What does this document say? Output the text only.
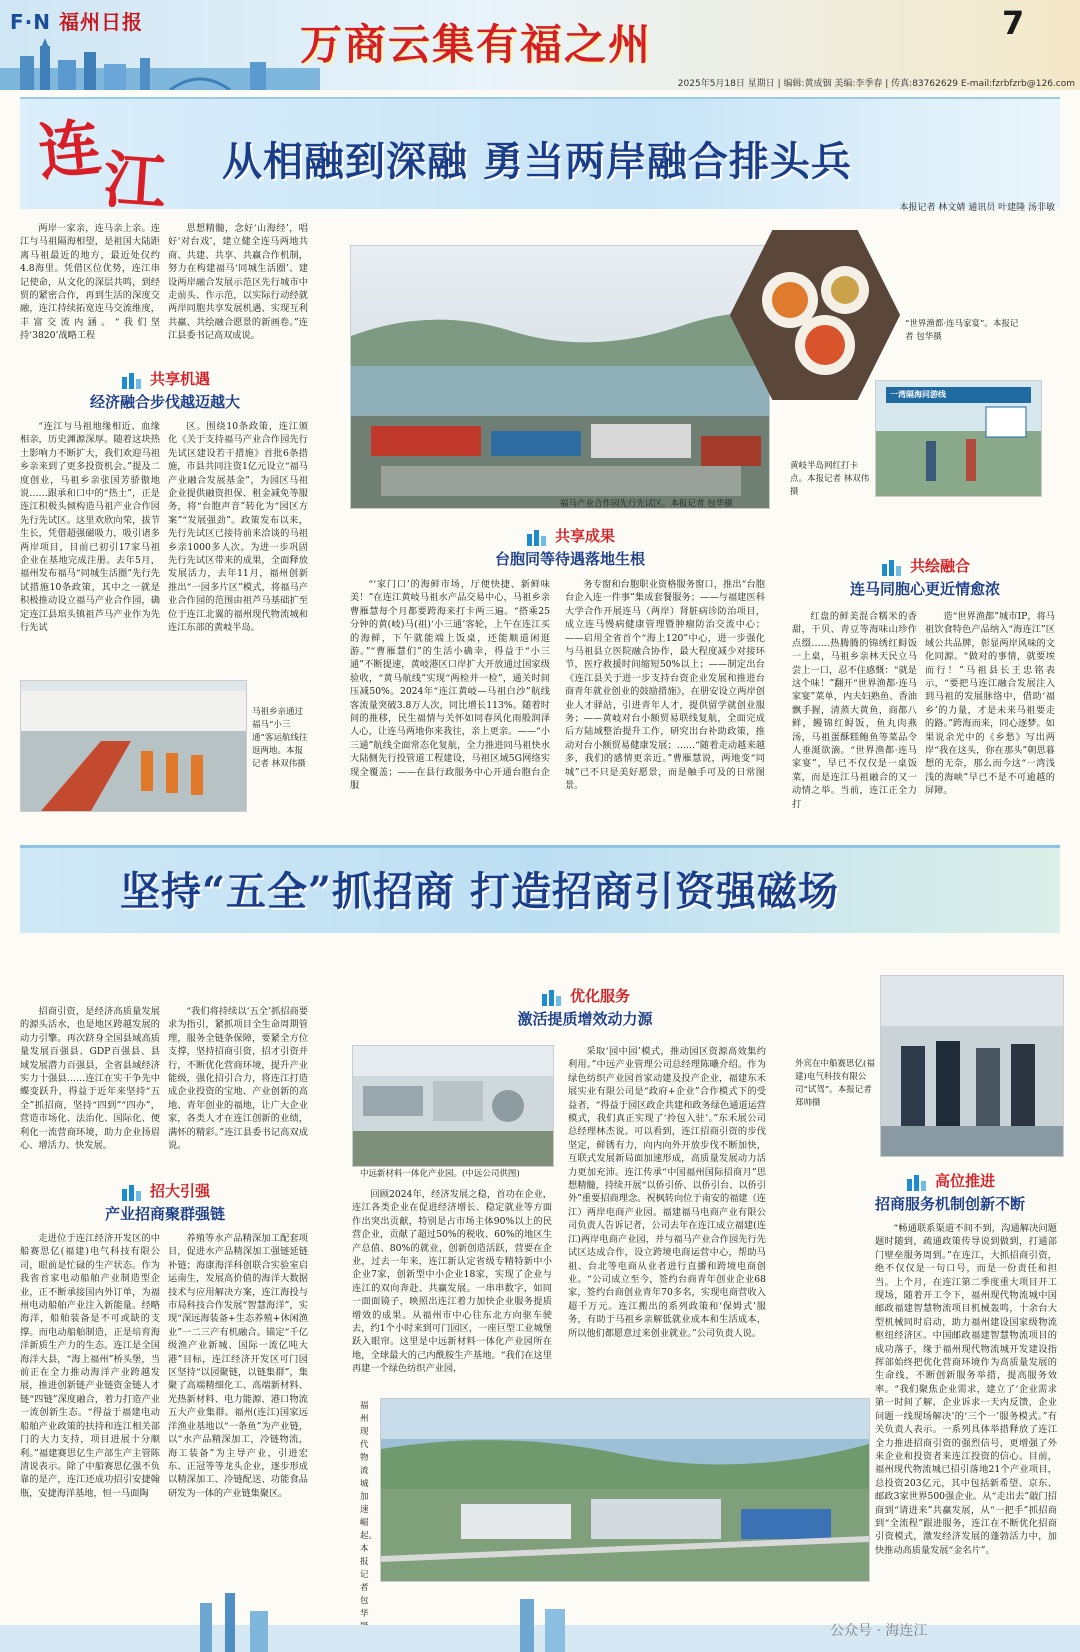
F·N 福州日报	万商云集有福之州	7
2025年5月18日 星期日 | 编辑:黄成铟 美编:李季春 | 传真:83762629 E-mail:fzrbfzrb@126.com
连
江 从相融到深融 勇当两岸融合排头兵
本报记者 林文婧 通讯员 叶建隆 汤非敏

两岸一家亲，连马亲上亲。连江与马祖隔海相望，是祖国大陆距离马祖最近的地方，最近处仅约4.8海里。凭借区位优势，连江串记使命，从文化的深层共鸣，到经贸的紧密合作，再到生活的深度交融，连江持续拓宽连马交流维度，丰富交流内涵。“我们坚持‘3820’战略工程

思想精髓，念好‘山海经’，唱好‘对台戏’，建立健全连马两地共商、共建、共享、共赢合作机制，努力在构建福马‘同城生活圈’、建设两岸融合发展示范区先行城市中走前头、作示范，以实际行动经就两岸同胞共享发展机遇、实现互利共赢、共绘融合愿景的新画卷。”连江县委书记高双成说。

共享机遇
经济融合步伐越迈越大

“连江与马祖地缘相近、血缘相亲，历史渊源深厚。随着这块热土影响力不断扩大，我们欢迎马祖乡亲来到了更多投资机会。”提及二度创业，马祖乡亲张国芳骄傲地说……跟承和口中的“热土”，正是连江积极头倾构造马祖产业合作园先行先试区。这里欢欣向荣，拔节生长，凭借超强磁吸力，吸引诸多两岸项目，目前已初引17家马祖企业在基地完成注册。去年5月，福州发布福马“同城生活圈”先行先试措施10条政策，其中之一就是积极推动设立福马产业合作园，确定连江县琯头镇祖芦马产业作为先行先试

区。围绕10条政策，连江颁化《关于支持福马产业合作园先行先试区建设若干措施》首批6条措施，市县共同注资1亿元设立“福马产业融合发展基金”，为园区马祖企业提供融资担保、租金减免等服务，将“台胞声音”转化为“园区方案”“发展强劲”。政策发布以来，先行先试区已接待前来洽谈的马祖乡亲1000多人次。为进一步巩固先行先试区带来的成果，全面释放发展活力，去年11月，福州创新推出“一园多片区”模式，将福马产业合作园的范围由祖芦马基础扩至位于连江北翼的福州现代物流城和连江东部的黄岐半岛。

福马产业合作园先行先试区。本报记者 包华摄
“世界渔都·连马家宴”。本报记者 包华摄
一湾隔海同游线
黄岐半岛网红打卡点。本报记者 林双伟摄
马祖乡亲通过福马“小三通”客运航线往返两地。本报记者 林双伟摄
共享成果
台胞同等待遇落地生根

“‘家门口’的海鲜市场，厅便快捷、新鲜味美！”在连江黄岐马祖水产品交易中心，马祖乡亲曹雁慧每个月都要跨海来打卡两三遍。“搭乘25分钟的黄(岐)马(祖)‘小三通’客轮，上午在连江买的海鲜，下午就能端上饭桌，还能顺道闲逛游。”“曹雁慧们”的生活小确幸，得益于“小三通”不断提速，黄岐港区口岸扩大开放通过国家级验收，“黄马航线”实现“两检并一检”，通关时间压减50%。2024年“连江黄岐—马祖白沙”航线客流量突破3.8万人次，同比增长113%。随着时间的推移，民生福情与关怀如同春风化雨般润泽人心，让连马两地你来我往，亲上更亲。——“小三通”航线全面常态化复航，全力推进同马祖快水大陆侧先行投管道工程建设，马祖区域5G网络实现全覆盖；——在县行政服务中心开通台胞台企服

务专窗和台胞职业资格服务窗口，推出“台胞台企入连一件事”集成套餐服务；——与福建医科大学合作开展连马（两岸）肾脏病诊防治项目，成立连马慢病健康管理暨肿瘤防治交流中心；——启用全省首个“海上120”中心，进一步强化与马祖县立医院融合协作，最大程度减少对接环节，医疗救援时间缩短50%以上；——制定出台《连江县关于进一步支持台资企业发展和推进台商青年就业创业的鼓励措施》，在册安设立两岸创业人才驿站，引进青年人才，提供留学就创业服务；——黄岐对台小额贸易联线复航，全面完成后方陆域整治提升工作，研究出台补助政策，推动对台小额贸易健康发展；……“随着走动越来越多，我们的感情更亲近。”曹雁慧说，两地变“同城”已不只是美好愿景，而是触手可及的日常图景。

共绘融合
连马同胞心更近情愈浓

红盘的鲜美混合糯米的香甜，干贝、青豆等海味山珍作点缀……热腾腾的锦绣红鲟饭一上桌，马祖乡亲林天民立马尝上一口，忍不住感慨：“就是这个味！”翻开“世界渔都·连马家宴”菜单，内夫妇熟鱼、香油飘手握，清蒸大黄鱼，商都八鲜，鳗锦红鲟饭，鱼丸肉燕汤，马祖蛋酥糕鲍鱼等菜品令人垂涎欲滴。“世界渔都·连马家宴”，早已不仅仅是一桌饭菜，而是连江马祖融合的又一动情之举。当前，连江正全力打

造“世界渔都”城市IP，将马祖饮食特色产品纳入“海连江”区域公共品牌，彰显两岸风味的文化同源。“做对的事情，就要埃而行！”马祖县长王忠铭表示，“要把马连江融合发展注入到马祖的发展脉络中，借助‘福乡’的力量，才是未来马祖要走的路。”跨海而来，同心逐梦。如果说余光中的《乡愁》写出两岸“我在这头，你在那头”朝思暮想的无奈，那么而今这“一湾浅浅的海峡”早已不是不可逾越的屏障。

坚持“五全”抓招商 打造招商引资强磁场

招商引资，是经济高质量发展的源头活水，也是地区跨越发展的动力引擎。再次跻身全国县域高质量发展百强县、GDP百强县、县域发展潜力百强县，全省县域经济实力十强县……连江在实干争先中蝶变跃升，得益于近年来坚持“五全”抓招商，坚持“四到”“四办”，营造市场化、法治化、国际化、便利化一流营商环境，助力企业扬眉心、增活力、快发展。

“我们将持续以‘五全’抓招商要求为指引，紧抓项目全生命周期管理，服务全链条保障，要紧全方位支撑，坚持招商引资，招才引资并行，不断优化营商环境，提升产业能级，强化招引合力，将连江打造成企业投资的宝地、产业创新的高地、青年创业的福地，让广大企业家，各类人才在连江创新的业绩，满怀的精彩。”连江县委书记高双成说。

优化服务
激活提质增效动力源
中远新材料一体化产业园。(中远公司供图)

回顾2024年，经济发展之稳，首功在企业，连江各类企业在促进经济增长、稳定就业等方面作出突出贡献，特别是占市场主体90%以上的民营企业，贡献了超过50%的税收、60%的地区生产总值、80%的就业，创新创造活跃，营要在企业，过去一年来，连江新认定省级专精特新中小企业7家，创新型中小企业18家，实现了企业与连江的双向奔赴、共赢发展。一串串数字，如同一面面镜子，映照出连江着力加快企业服务提质增效的成果。从福州市中心往东北方向驱车驶去，约1个小时来到可门园区，一座巨型工业城堡跃入眼帘。这里是中远新材料一体化产业园所在地，全球最大的己内酰胺生产基地。“我们在这里再建一个绿色纺织产业园，

采取‘园中园’模式，推动园区资源高效集约利用。”中远产业管理公司总经理陈曦介绍。作为绿色纺织产业园首家动建及投产企业，福建东禾展实业有限公司是“政府+企业”合作模式下的受益者，“得益于园区政企共建和政务绿色通道运营模式，我们真正实现了‘拎包入驻’。”东禾展公司总经理林杰说。可以看到，连江招商引资的步伐坚定，鲜锈有力，向内向外开放步伐不断加快，互联式发展新局面加速形成，高质量发展动力活力更加充沛。连江传承“中国福州国际招商月”思想精髓，持续开展“以侨引侨、以侨引台、以侨引外”重要招商理念。祝枫转向位于南安的福建（连江）两岸电商产业园。福建福马电商产业有限公司负责人告诉记者，公司去年在连江成立福建(连江)两岸电商产业园，并与福马产业合作园先行先试区达成合作，设立跨境电商运营中心，帮助马祖、台北等电商从业者进行直播和跨境电商创业。“公司成立至今，签约台商青年创业企业68家，签约台商创业青年70多名，实现电商营收入超千万元。连江搬出的系列政策和‘保姆式’服务，有助于马祖乡亲解低就业成本和生活成本，所以他们都愿意过来创业就业。”公司负责人说。

外宾在中船赛思亿(福建)电气科技有限公司“试驾”。本报记者 郑帅摄
招大引强
产业招商聚群强链

走进位于连江经济开发区的中船赛思亿(福建)电气科技有限公司，眼前是忙碌的生产状态。作为我省首家电动船舶产业制造型企业，正不断承接国内外订单，为福州电动船舶产业注入新能量。经略海洋，船舶装备是不可或缺的支撑。而电动船舶制造，正是培育海洋新质生产力的生态。连江是全国海洋大县，“海上福州”桥头堡，当前正在全力推动海洋产业跨越发展，推进创新链产业链资金链人才链“四链”深度融合，着力打造产业一流创新生态。“得益于福建电动船舶产业政策的扶持和连江相关部门的大力支持，项目进展十分顺利。”福建赛思亿生产部生产主管陈清说表示。除了中船赛思亿强不负靠的是产，连江还成功招引安捷翰瓶，安捷海洋基地，恒一马面陶

养殖等水产品精深加工配套项目，促进水产品精深加工强链延链补链；海康海洋科创联合实验室启运南生，发展高价值的海洋大数据技术与应用解决方案，连江海投与市局科技合作发展“智慧海洋”，实现“深远海装备+生态养殖+休闲渔业”一二三产有机融合。锚定“千亿级渔产业新城、国际一流亿吨大港”目标，连江经济开发区可门园区坚持“以园聚链，以链集群”，集聚了高端精细化工、高端新材料、光热新材料、电力能源、港口物流五大产业集群。福州(连江)国家远洋渔业基地以“一条鱼”为产业链，以“水产品精深加工，冷链物流，海工装备”为主导产业，引进宏东、正冠等等龙头企业，逐步形成以精深加工、冷链配送、功能食品研发为一体的产业链集聚区。

高位推进
招商服务机制创新不断

“畅通联系渠道不间不到，沟通解决问题题时随到，疏通政策传导说到做到，打通部门壁垒服务周到。”在连江，大抓招商引资，绝不仅仅是一句口号，而是一份责任和担当。上个月，在连江第二季度重大项目开工现场，随着开工令下，福州现代物流城中国邮政福建智慧物流项目机械轰鸣，十余台大型机械同时启动，助力福州建设国家级物流枢纽经济区。中国邮政福建智慧物流项目的成功落子，缘于福州现代物流城开发建设指挥部始终把优化营商环境作为高质量发展的生命线，不断创新服务举措，提高服务效率。“我们聚焦企业需求，建立了‘企业需求第一时间了解，企业诉求一天内反馈，企业问题一线现场解决’的‘三个一’服务模式。”有关负责人表示。一系列具体举措释放了连江全力推进招商引资的强烈信号，更增强了外来企业和投资者来连江投资的信心。目前，福州现代物流城已招引落地21个产业项目，总投资203亿元，其中包括新希望、京东、邮政3家世界500强企业。从“走出去”敲门招商到“请进来”共赢发展，从“一把手”抓招商到“全流程”跟进服务，连江在不断优化招商引资模式，激发经济发展的蓬勃活力中，加快推动高质量发展“金名片”。

福州现代物流城加速崛起。本报记者 包华
公众号 · 海连江
